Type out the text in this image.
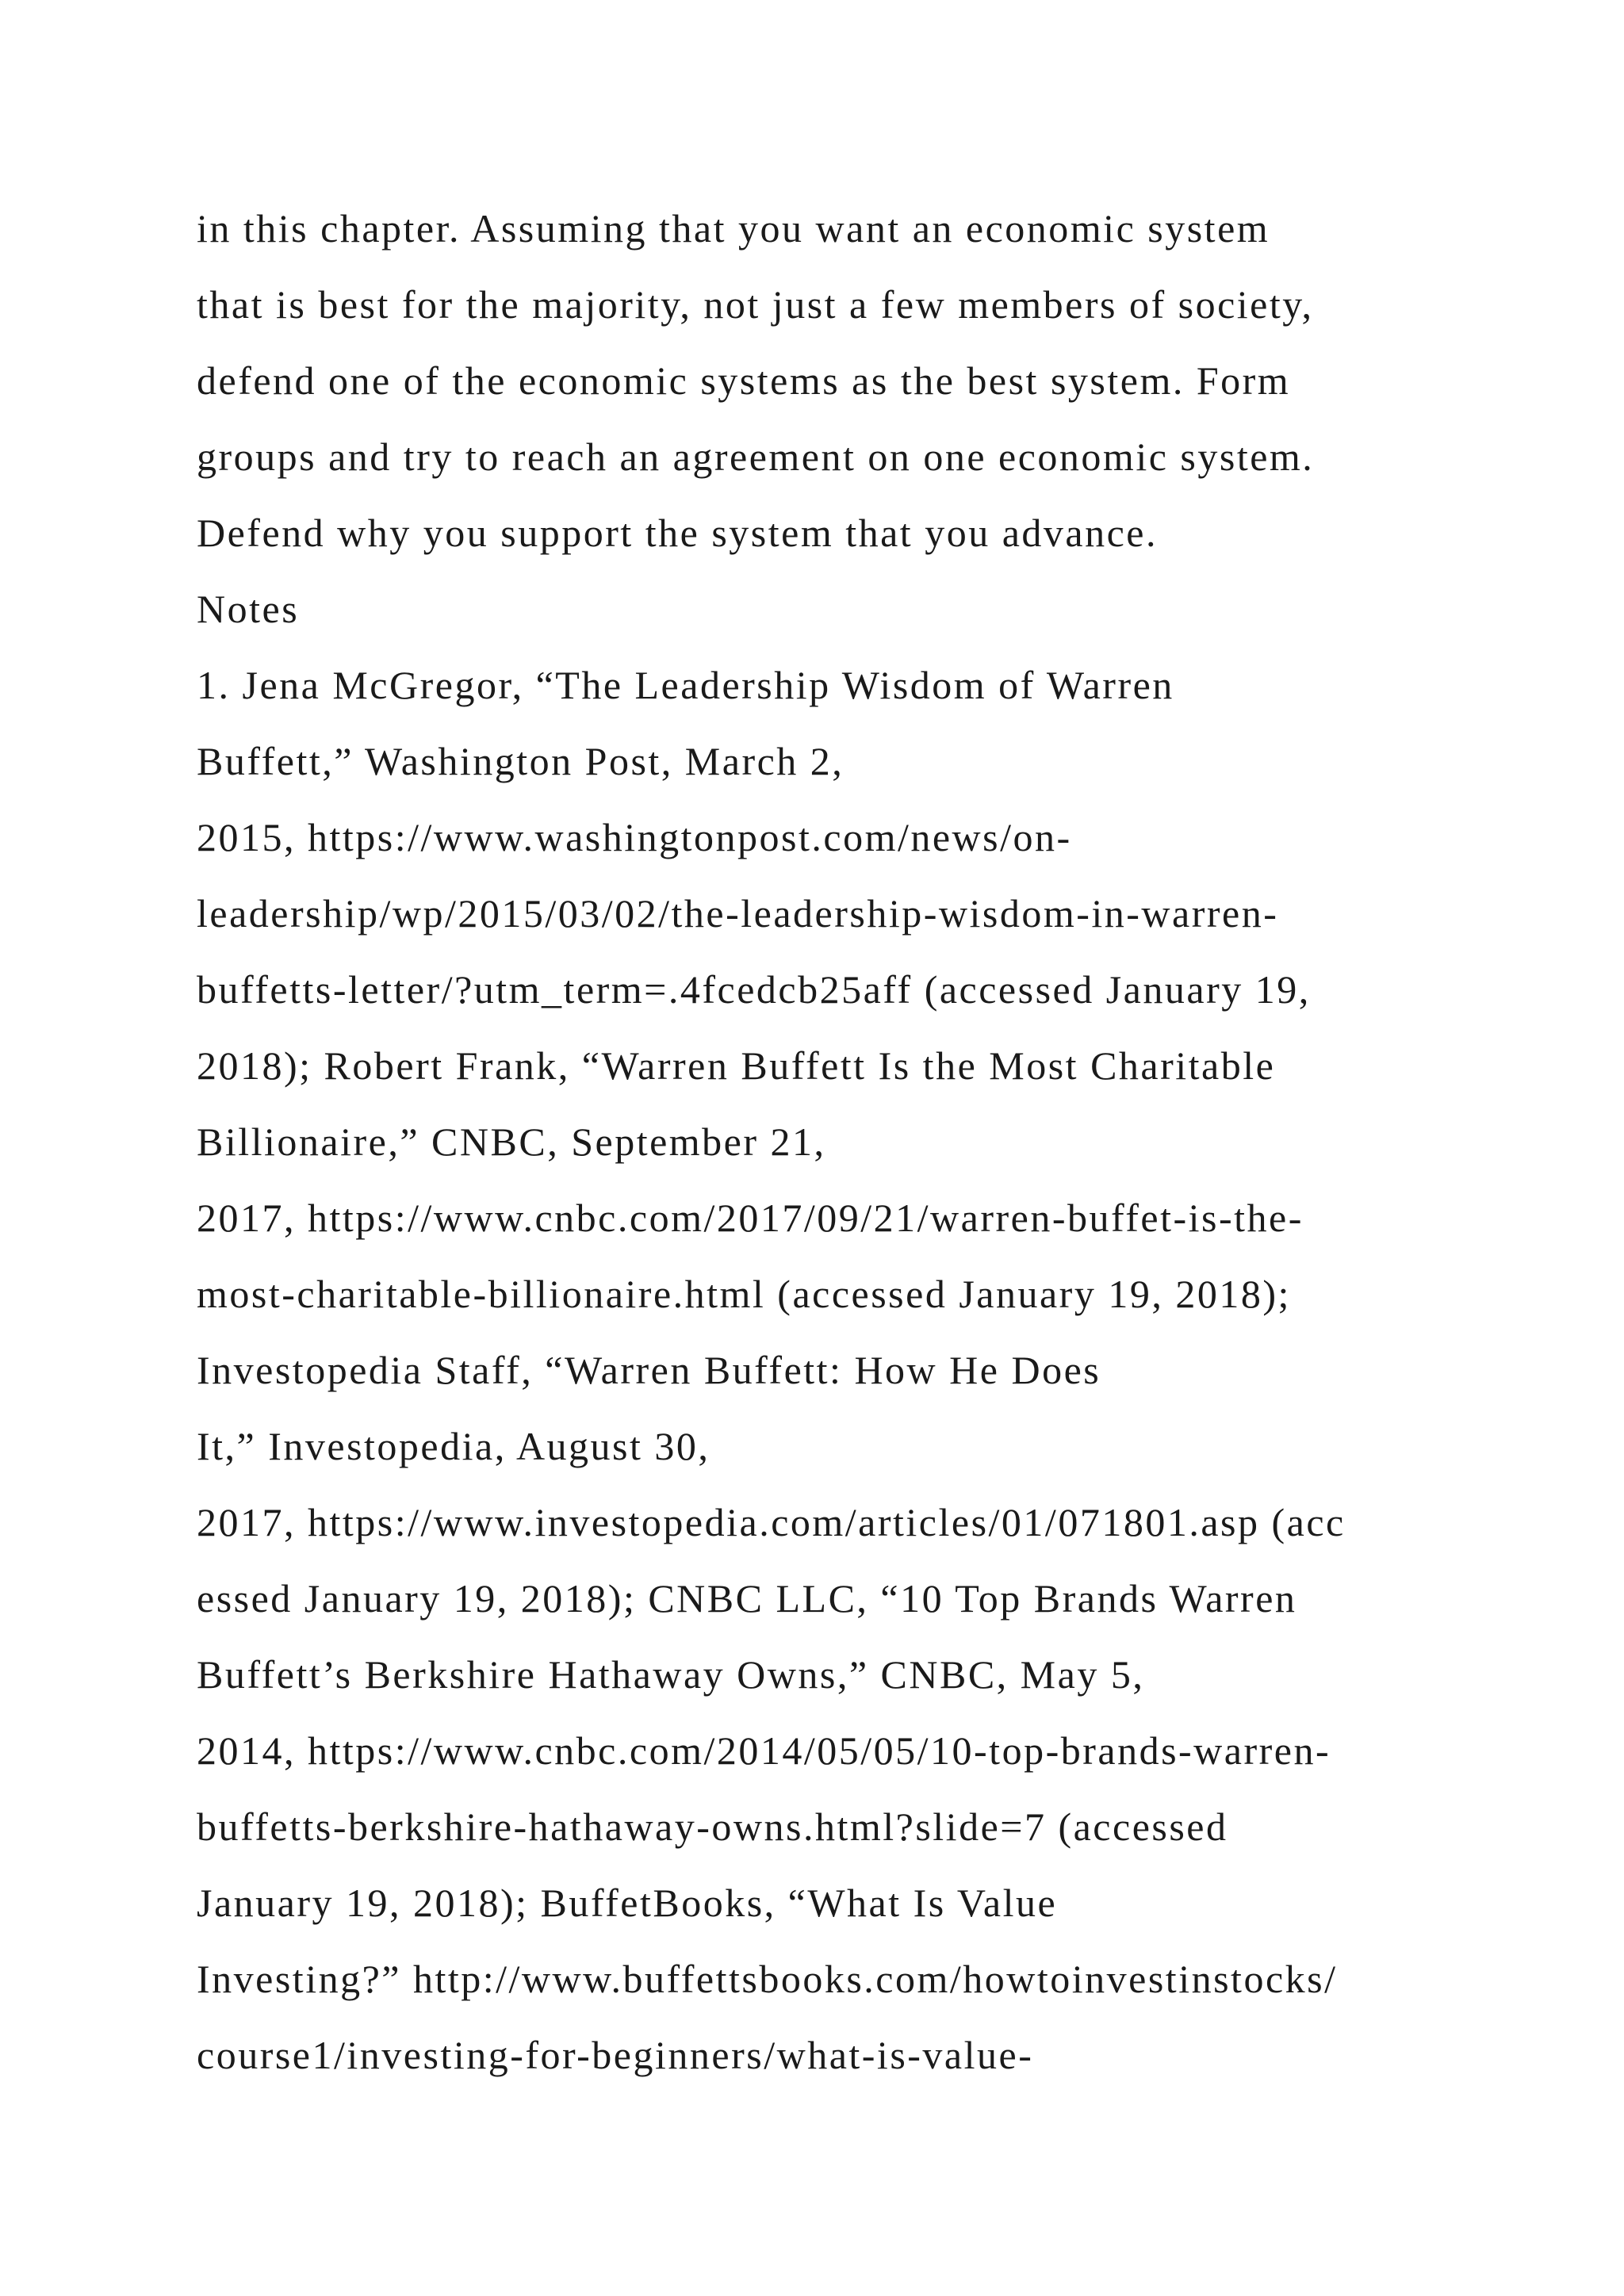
in this chapter. Assuming that you want an economic system
that is best for the majority, not just a few members of society,
defend one of the economic systems as the best system. Form
groups and try to reach an agreement on one economic system.
Defend why you support the system that you advance.
Notes
1. Jena McGregor, “The Leadership Wisdom of Warren
Buffett,” Washington Post, March 2,
2015, https://www.washingtonpost.com/news/on-
leadership/wp/2015/03/02/the-leadership-wisdom-in-warren-
buffetts-letter/?utm_term=.4fcedcb25aff (accessed January 19,
2018); Robert Frank, “Warren Buffett Is the Most Charitable
Billionaire,” CNBC, September 21,
2017, https://www.cnbc.com/2017/09/21/warren-buffet-is-the-
most-charitable-billionaire.html (accessed January 19, 2018);
Investopedia Staff, “Warren Buffett: How He Does
It,” Investopedia, August 30,
2017, https://www.investopedia.com/articles/01/071801.asp (acc
essed January 19, 2018); CNBC LLC, “10 Top Brands Warren
Buffett’s Berkshire Hathaway Owns,” CNBC, May 5,
2014, https://www.cnbc.com/2014/05/05/10-top-brands-warren-
buffetts-berkshire-hathaway-owns.html?slide=7 (accessed
January 19, 2018); BuffetBooks, “What Is Value
Investing?” http://www.buffettsbooks.com/howtoinvestinstocks/
course1/investing-for-beginners/what-is-value-
